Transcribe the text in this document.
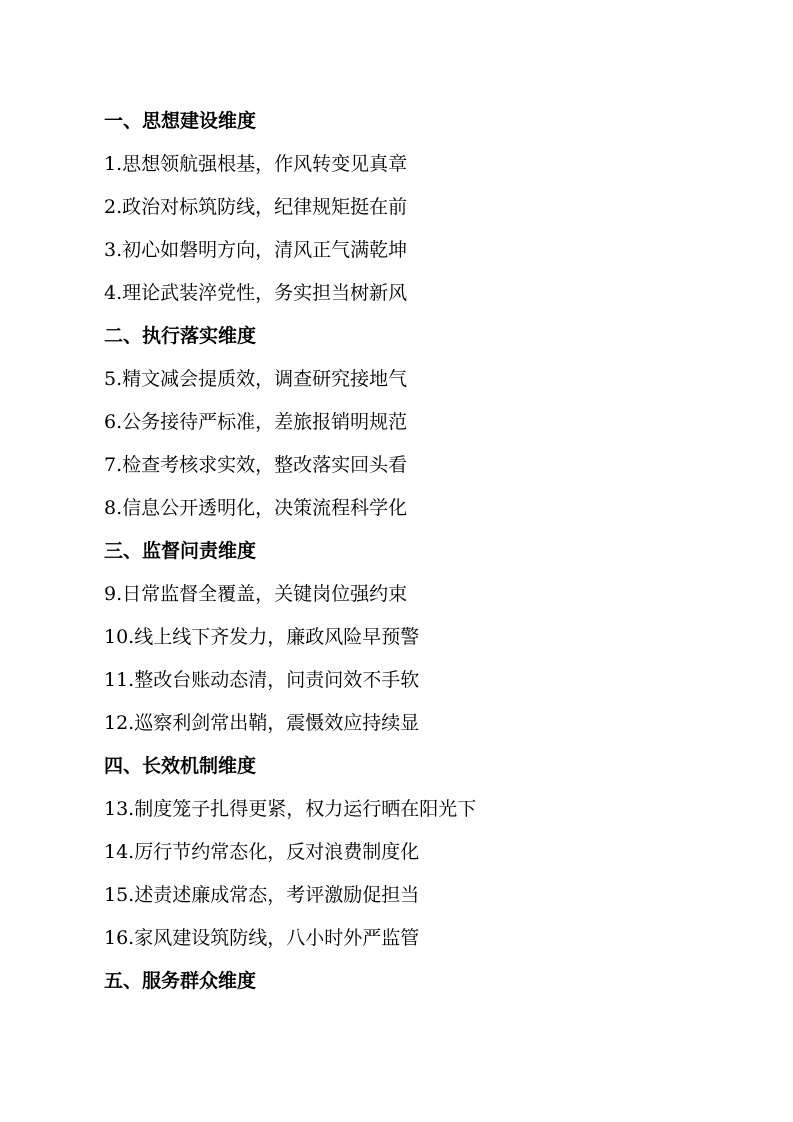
一、思想建设维度
1.思想领航强根基，作风转变见真章
2.政治对标筑防线，纪律规矩挺在前
3.初心如磐明方向，清风正气满乾坤
4.理论武装淬党性，务实担当树新风
二、执行落实维度
5.精文减会提质效，调查研究接地气
6.公务接待严标准，差旅报销明规范
7.检查考核求实效，整改落实回头看
8.信息公开透明化，决策流程科学化
三、监督问责维度
9.日常监督全覆盖，关键岗位强约束
10.线上线下齐发力，廉政风险早预警
11.整改台账动态清，问责问效不手软
12.巡察利剑常出鞘，震慑效应持续显
四、长效机制维度
13.制度笼子扎得更紧，权力运行晒在阳光下
14.厉行节约常态化，反对浪费制度化
15.述责述廉成常态，考评激励促担当
16.家风建设筑防线，八小时外严监管
五、服务群众维度
